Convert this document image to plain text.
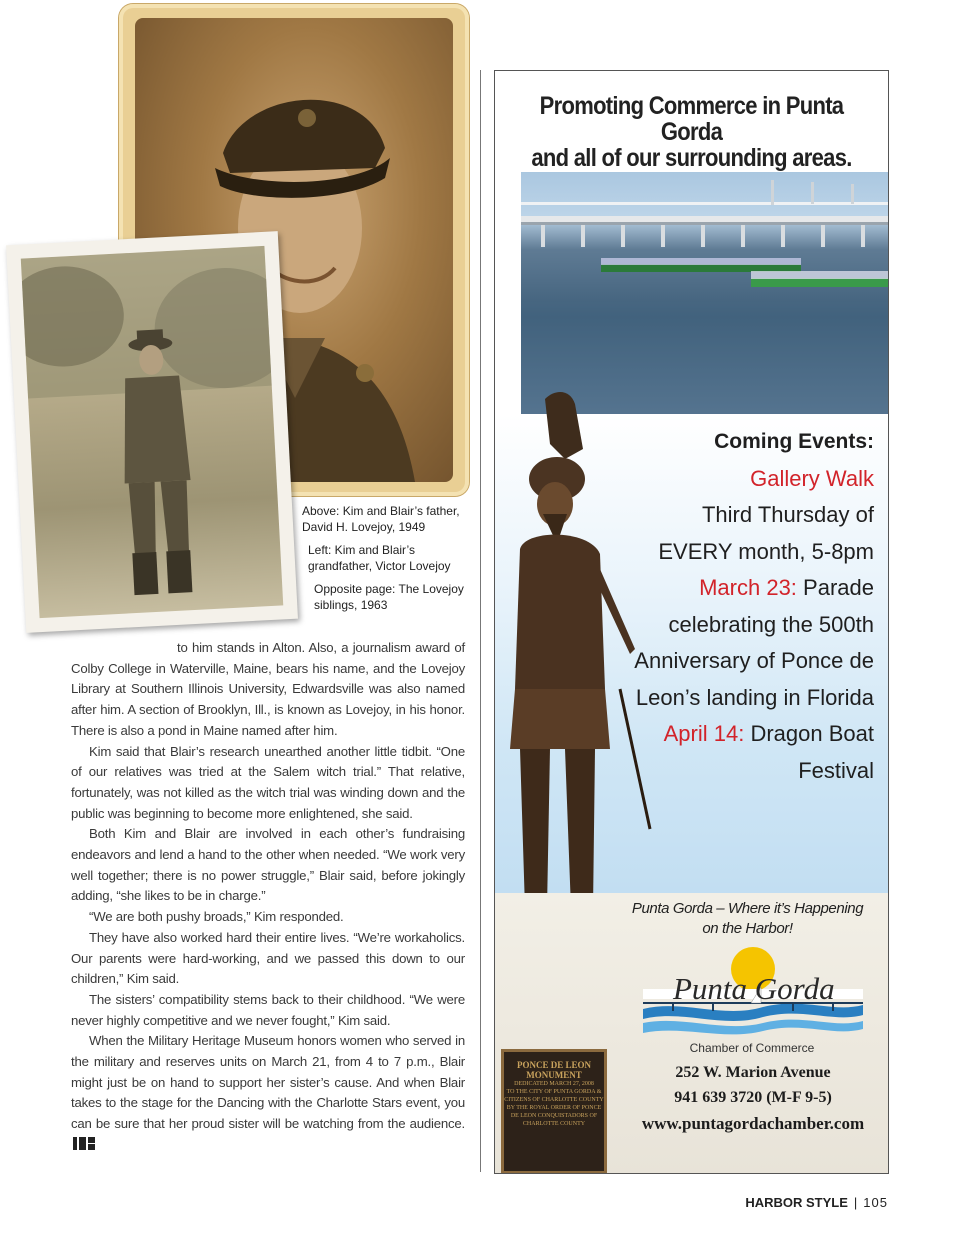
Above: Kim and Blair’s father, David H. Lovejoy, 1949
Left: Kim and Blair’s grandfather, Victor Lovejoy
Opposite page: The Lovejoy siblings, 1963

to him stands in Alton. Also, a journalism award of Colby College in Waterville, Maine, bears his name, and the Lovejoy Library at Southern Illinois University, Edwardsville was also named after him. A section of Brooklyn, Ill., is known as Lovejoy, in his honor. There is also a pond in Maine named after him.

Kim said that Blair’s research unearthed another little tidbit. “One of our relatives was tried at the Salem witch trial.” That relative, fortunately, was not killed as the witch trial was winding down and the public was beginning to become more enlightened, she said.

Both Kim and Blair are involved in each other’s fundraising endeavors and lend a hand to the other when needed. “We work very well together; there is no power struggle,” Blair said, before jokingly adding, “she likes to be in charge.”

“We are both pushy broads,” Kim responded.

They have also worked hard their entire lives. “We’re workaholics. Our parents were hard-working, and we passed this down to our children,” Kim said.

The sisters’ compatibility stems back to their childhood. “We were never highly competitive and we never fought,” Kim said.

When the Military Heritage Museum honors women who served in the military and reserves units on March 21, from 4 to 7 p.m., Blair might just be on hand to support her sister’s cause. And when Blair takes to the stage for the Dancing with the Charlotte Stars event, you can be sure that her proud sister will be watching from the audience.

Promoting Commerce in Punta Gorda
and all of our surrounding areas.
PONCE DE LEON MONUMENT
DEDICATED MARCH 27, 2008
TO THE CITY OF PUNTA GORDA & CITIZENS OF CHARLOTTE COUNTY BY THE ROYAL ORDER OF PONCE DE LEON CONQUISTADORS OF CHARLOTTE COUNTY
Coming Events:
Gallery Walk
Third Thursday of EVERY month, 5-8pm
March 23: Parade celebrating the 500th Anniversary of Ponce de Leon’s landing in Florida
April 14: Dragon Boat Festival
Punta Gorda – Where it’s Happening on the Harbor!
Punta Gorda
Chamber of Commerce
252 W. Marion Avenue
941 639 3720 (M-F 9-5)
www.puntagordachamber.com
HARBOR STYLE | 105
